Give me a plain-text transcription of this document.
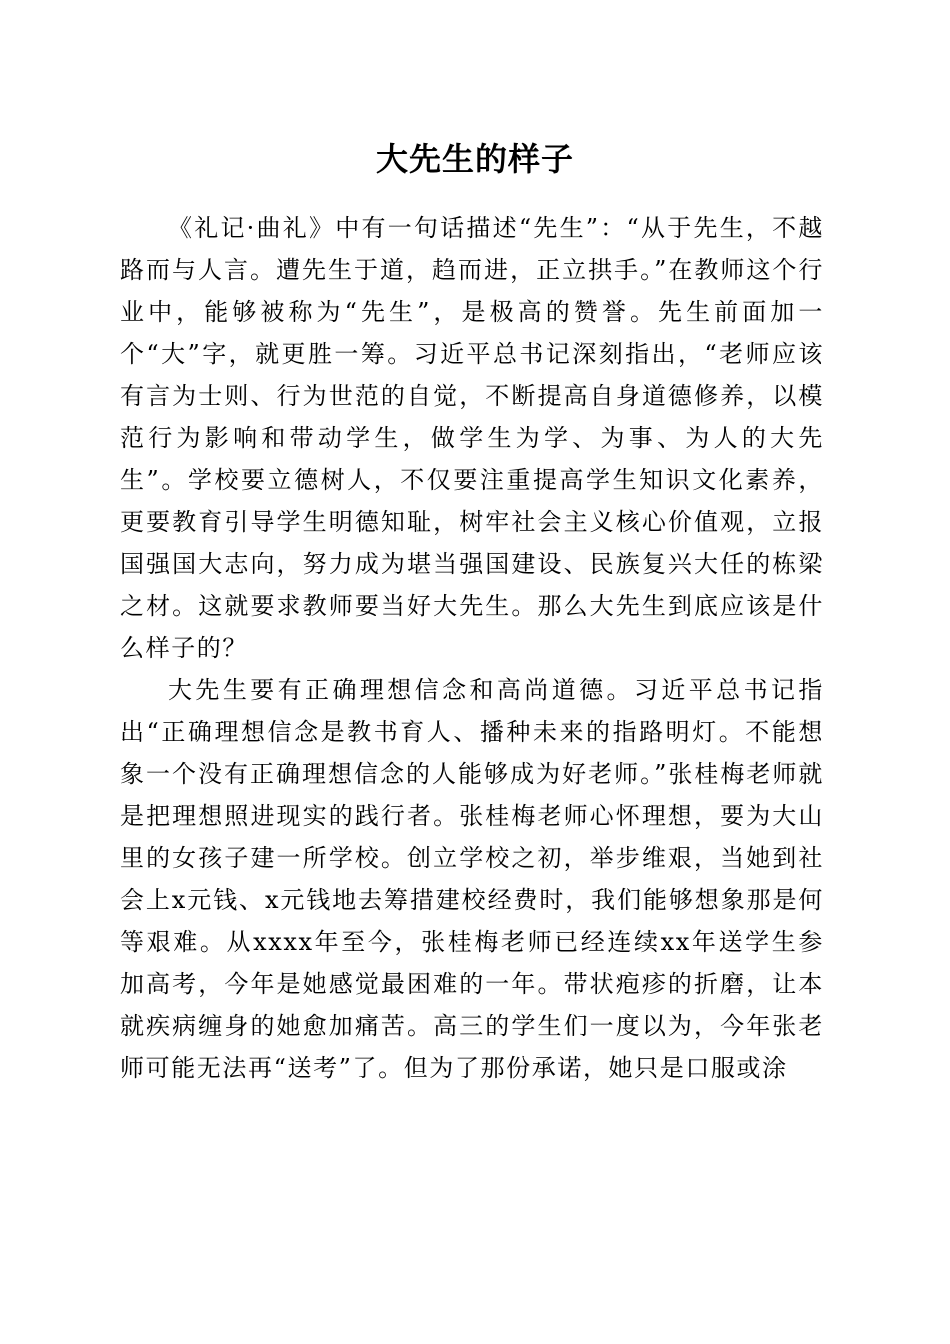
大先生的样子

《礼记·曲礼》中有一句话描述“先生”：“从于先生，不越路而与人言。遭先生于道，趋而进，正立拱手。”在教师这个行业中，能够被称为“先生”，是极高的赞誉。先生前面加一个“大”字，就更胜一筹。习近平总书记深刻指出，“老师应该有言为士则、行为世范的自觉，不断提高自身道德修养，以模范行为影响和带动学生，做学生为学、为事、为人的大先生”。学校要立德树人，不仅要注重提高学生知识文化素养，更要教育引导学生明德知耻，树牢社会主义核心价值观，立报国强国大志向，努力成为堪当强国建设、民族复兴大任的栋梁之材。这就要求教师要当好大先生。那么大先生到底应该是什么样子的？

大先生要有正确理想信念和高尚道德。习近平总书记指出“正确理想信念是教书育人、播种未来的指路明灯。不能想象一个没有正确理想信念的人能够成为好老师。”张桂梅老师就是把理想照进现实的践行者。张桂梅老师心怀理想，要为大山里的女孩子建一所学校。创立学校之初，举步维艰，当她到社会上x元钱、x元钱地去筹措建校经费时，我们能够想象那是何等艰难。从xxxx年至今，张桂梅老师已经连续xx年送学生参加高考，今年是她感觉最困难的一年。带状疱疹的折磨，让本就疾病缠身的她愈加痛苦。高三的学生们一度以为，今年张老师可能无法再“送考”了。但为了那份承诺，她只是口服或涂
